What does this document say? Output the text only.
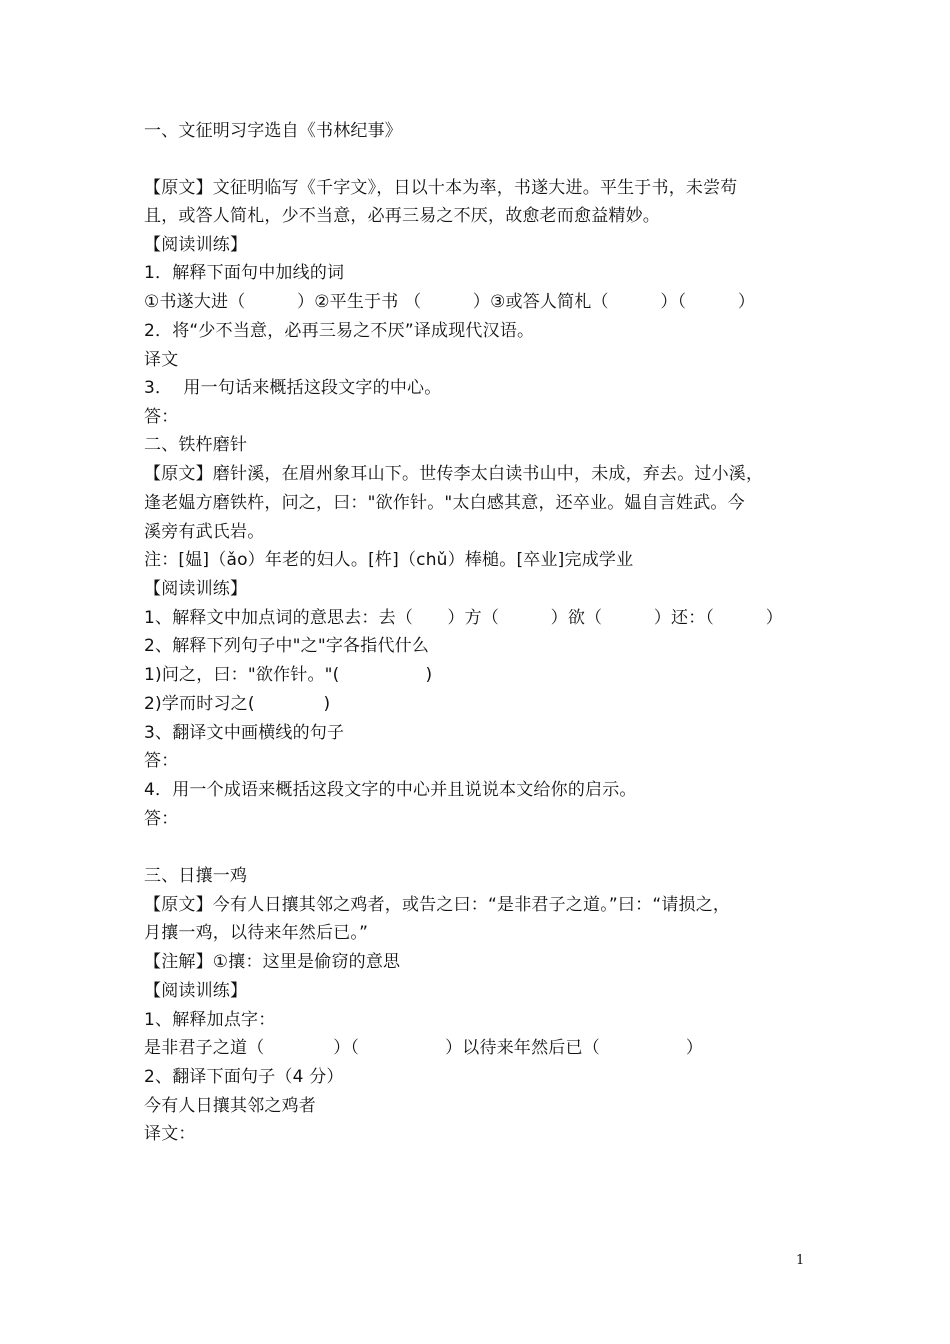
一、文征明习字选自《书林纪事》
【原文】文征明临写《千字文》，日以十本为率，书遂大进。平生于书，未尝苟
且，或答人简札，少不当意，必再三易之不厌，故愈老而愈益精妙。
【阅读训练】
1．解释下面句中加线的词
①书遂大进（　　　）②平生于书 （　　　）③或答人简札（　　　）（　　　）
2．将“少不当意，必再三易之不厌”译成现代汉语。
译文
3．  用一句话来概括这段文字的中心。
答：
二、铁杵磨针
【原文】磨针溪，在眉州象耳山下。世传李太白读书山中，未成，弃去。过小溪，
逢老媪方磨铁杵，问之，曰："欲作针。"太白感其意，还卒业。媪自言姓武。今
溪旁有武氏岩。
注：[媪]（ǎo）年老的妇人。[杵]（chǔ）棒槌。[卒业]完成学业
【阅读训练】
1、解释文中加点词的意思去：去（　　）方（　　　）欲（　　　）还：（　　　）
2、解释下列句子中"之"字各指代什么
1)问之，曰："欲作针。"(　　　　　)
2)学而时习之(　　　　)
3、翻译文中画横线的句子
答：
4．用一个成语来概括这段文字的中心并且说说本文给你的启示。
答：
三、日攘一鸡
【原文】今有人日攘其邻之鸡者，或告之曰：“是非君子之道。”曰：“请损之，
月攘一鸡，以待来年然后已。”
【注解】①攘：这里是偷窃的意思
【阅读训练】
1、解释加点字：
是非君子之道（　　　　）（　　　　　）以待来年然后已（　　　　　）
2、翻译下面句子（4 分）
今有人日攘其邻之鸡者
译文：
1
